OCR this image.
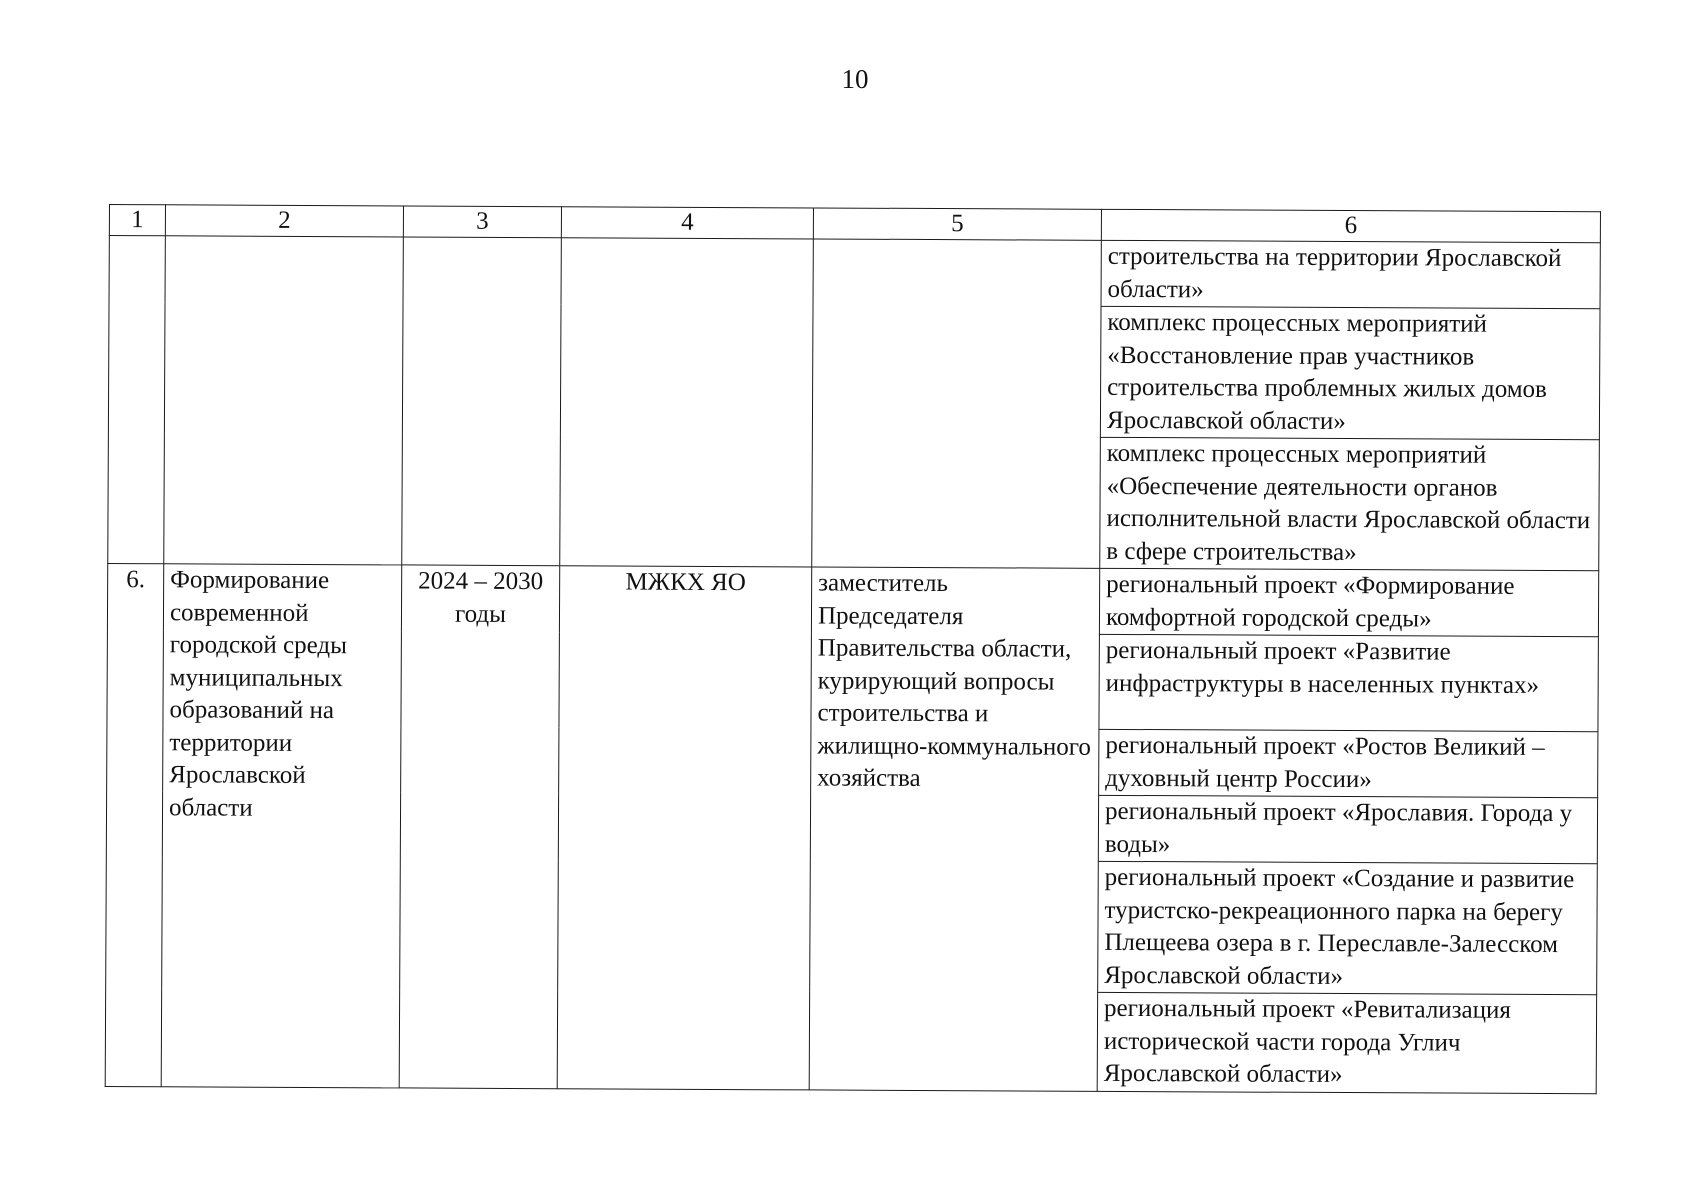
10
1	2	3	4	5	6
					строительства на территории Ярославской области»
					комплекс процессных мероприятий «Восстановление прав участников строительства проблемных жилых домов Ярославской области»
					комплекс процессных мероприятий «Обеспечение деятельности органов исполнительной власти Ярославской области в сфере строительства»
6.	Формирование современной городской среды муниципальных образований на территории Ярославской области	2024 – 2030 годы	МЖКХ ЯО	заместитель Председателя Правительства области, курирующий вопросы строительства и жилищно-коммунального хозяйства	региональный проект «Формирование комфортной городской среды»
					региональный проект «Развитие инфраструктуры в населенных пунктах»
					региональный проект «Ростов Великий – духовный центр России»
					региональный проект «Ярославия. Города у воды»
					региональный проект «Создание и развитие туристско-рекреационного парка на берегу Плещеева озера в г. Переславле-Залесском Ярославской области»
					региональный проект «Ревитализация исторической части города Углич Ярославской области»
